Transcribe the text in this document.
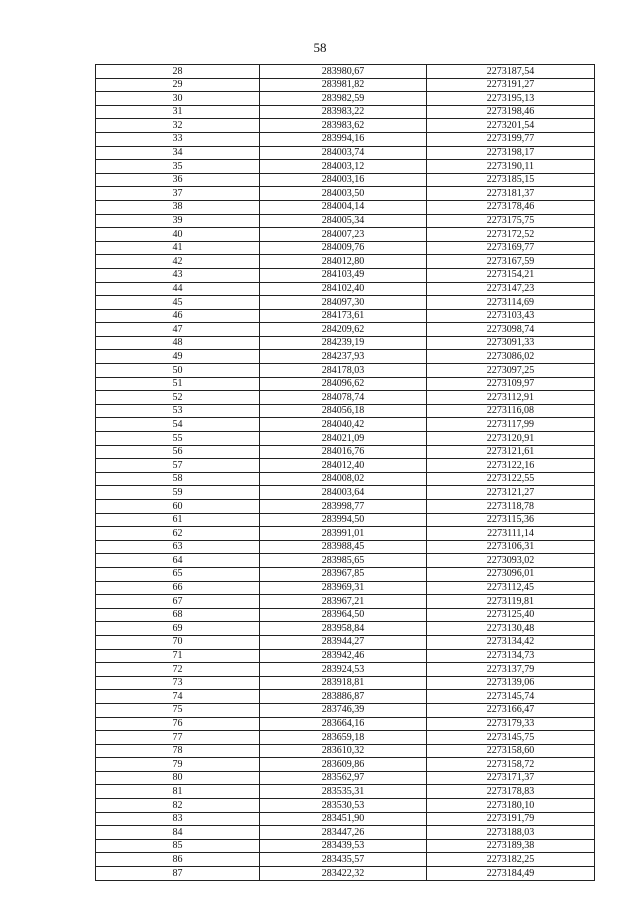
58
28	283980,67	2273187,54
29	283981,82	2273191,27
30	283982,59	2273195,13
31	283983,22	2273198,46
32	283983,62	2273201,54
33	283994,16	2273199,77
34	284003,74	2273198,17
35	284003,12	2273190,11
36	284003,16	2273185,15
37	284003,50	2273181,37
38	284004,14	2273178,46
39	284005,34	2273175,75
40	284007,23	2273172,52
41	284009,76	2273169,77
42	284012,80	2273167,59
43	284103,49	2273154,21
44	284102,40	2273147,23
45	284097,30	2273114,69
46	284173,61	2273103,43
47	284209,62	2273098,74
48	284239,19	2273091,33
49	284237,93	2273086,02
50	284178,03	2273097,25
51	284096,62	2273109,97
52	284078,74	2273112,91
53	284056,18	2273116,08
54	284040,42	2273117,99
55	284021,09	2273120,91
56	284016,76	2273121,61
57	284012,40	2273122,16
58	284008,02	2273122,55
59	284003,64	2273121,27
60	283998,77	2273118,78
61	283994,50	2273115,36
62	283991,01	2273111,14
63	283988,45	2273106,31
64	283985,65	2273093,02
65	283967,85	2273096,01
66	283969,31	2273112,45
67	283967,21	2273119,81
68	283964,50	2273125,40
69	283958,84	2273130,48
70	283944,27	2273134,42
71	283942,46	2273134,73
72	283924,53	2273137,79
73	283918,81	2273139,06
74	283886,87	2273145,74
75	283746,39	2273166,47
76	283664,16	2273179,33
77	283659,18	2273145,75
78	283610,32	2273158,60
79	283609,86	2273158,72
80	283562,97	2273171,37
81	283535,31	2273178,83
82	283530,53	2273180,10
83	283451,90	2273191,79
84	283447,26	2273188,03
85	283439,53	2273189,38
86	283435,57	2273182,25
87	283422,32	2273184,49
